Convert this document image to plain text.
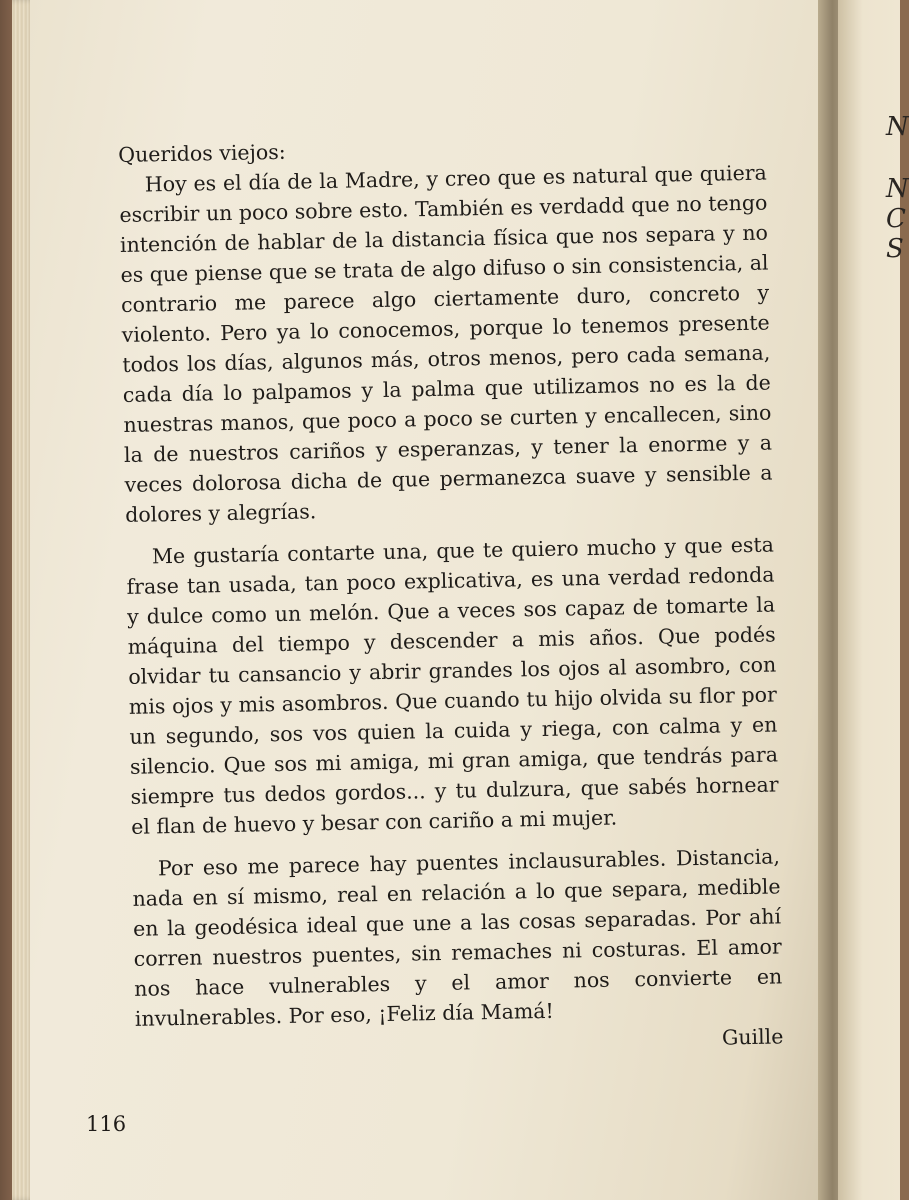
N
N
C
S

Queridos viejos:

Hoy es el día de la Madre, y creo que es natural que quiera escribir un poco sobre esto. También es verdadd que no tengo intención de hablar de la distancia física que nos separa y no es que piense que se trata de algo difuso o sin consistencia, al contrario me parece algo ciertamente duro, concreto y violento. Pero ya lo conocemos, porque lo tenemos presente todos los días, algunos más, otros menos, pero cada semana, cada día lo palpamos y la palma que utilizamos no es la de nuestras manos, que poco a poco se curten y encallecen, sino la de nuestros cariños y esperanzas, y tener la enorme y a veces dolorosa dicha de que permanezca suave y sensible a dolores y alegrías.

Me gustaría contarte una, que te quiero mucho y que esta frase tan usada, tan poco explicativa, es una verdad redonda y dulce como un melón. Que a veces sos capaz de tomarte la máquina del tiempo y descender a mis años. Que podés olvidar tu cansancio y abrir grandes los ojos al asombro, con mis ojos y mis asombros. Que cuando tu hijo olvida su flor por un segundo, sos vos quien la cuida y riega, con calma y en silencio. Que sos mi amiga, mi gran amiga, que tendrás para siempre tus dedos gordos... y tu dulzura, que sabés hornear el flan de huevo y besar con cariño a mi mujer.

Por eso me parece hay puentes inclausurables. Distancia, nada en sí mismo, real en relación a lo que separa, medible en la geodésica ideal que une a las cosas separadas. Por ahí corren nuestros puentes, sin remaches ni costuras. El amor nos hace vulnerables y el amor nos convierte en invulnerables. Por eso, ¡Feliz día Mamá!

Guille

116
